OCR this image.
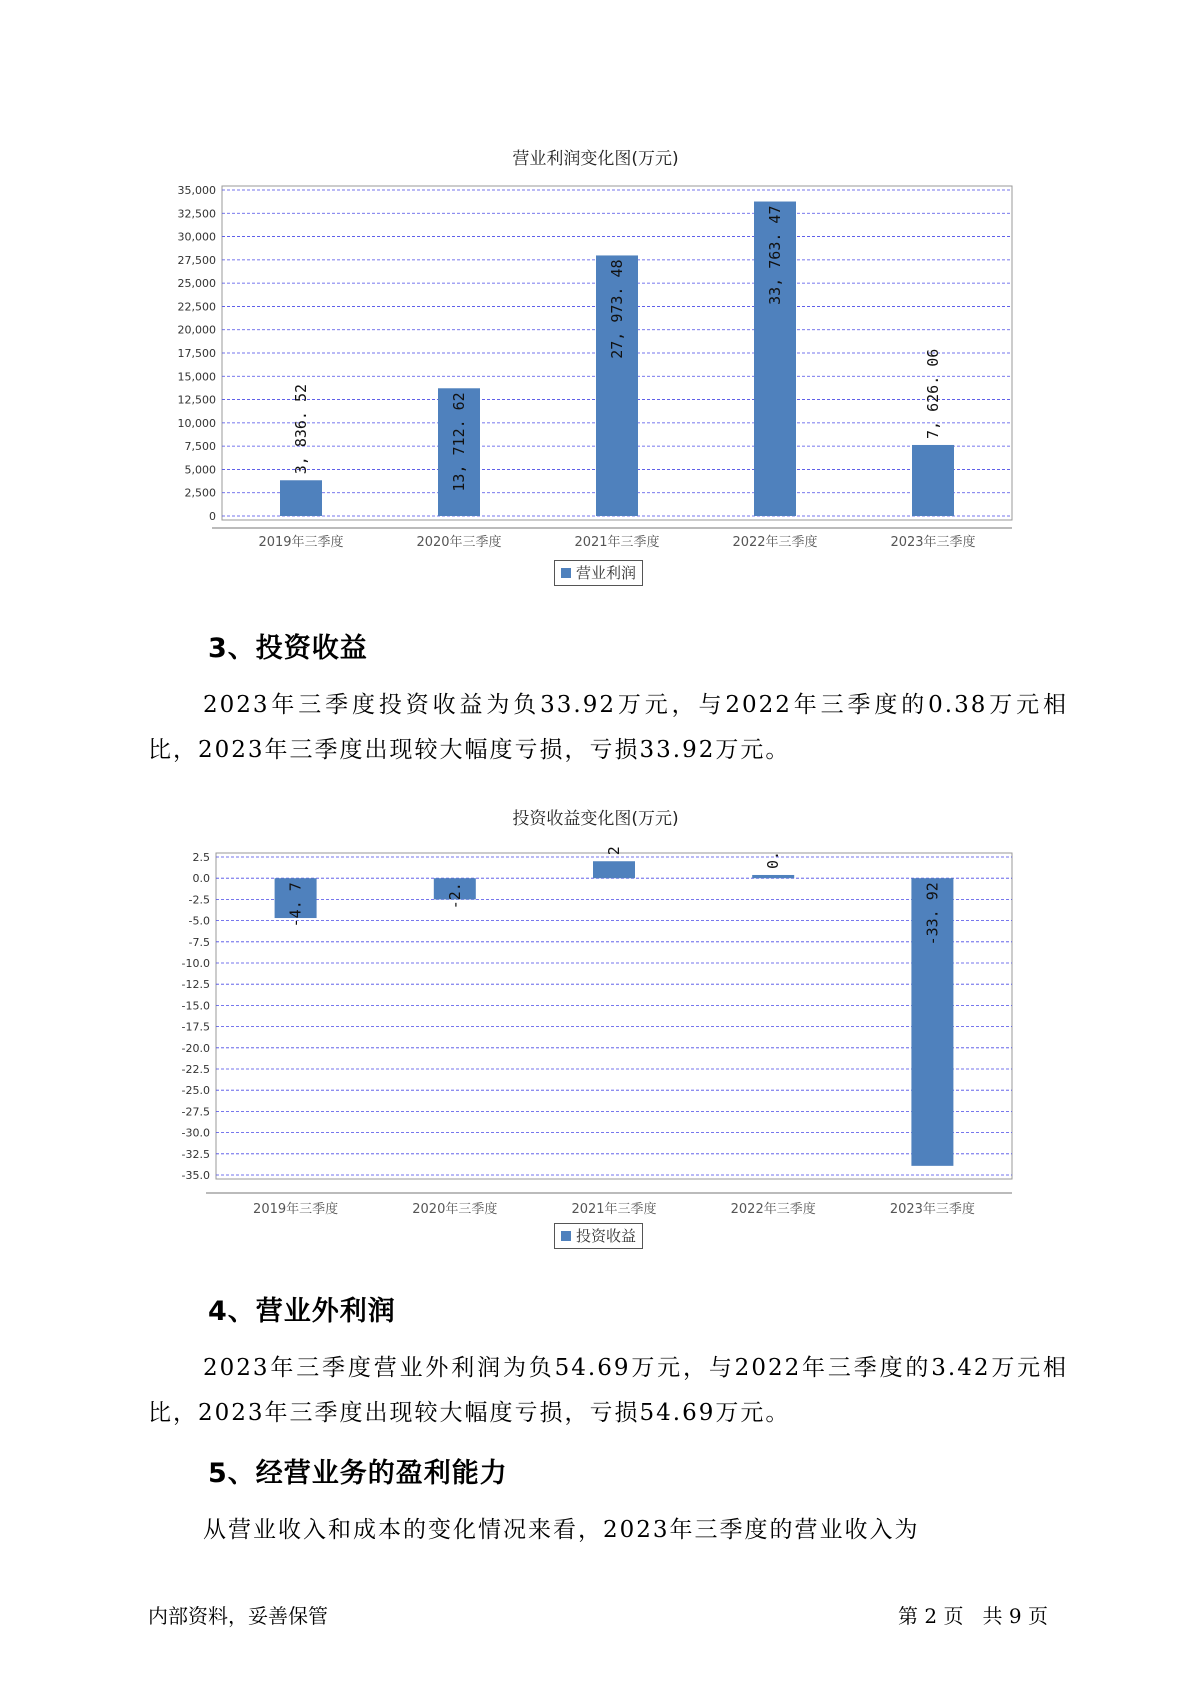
营业利润变化图(万元)
0
2,500
5,000
7,500
10,000
12,500
15,000
17,500
20,000
22,500
25,000
27,500
30,000
32,500
35,000
2019年三季度
3, 836. 52
2020年三季度
13, 712. 62
2021年三季度
27, 973. 48
2022年三季度
33, 763. 47
2023年三季度
7, 626. 06
营业利润
3、投资收益
2023年三季度投资收益为负33.92万元，与2022年三季度的0.38万元相比，2023年三季度出现较大幅度亏损，亏损33.92万元。
投资收益变化图(万元)
2.5
0.0
-2.5
-5.0
-7.5
-10.0
-12.5
-15.0
-17.5
-20.0
-22.5
-25.0
-27.5
-30.0
-32.5
-35.0
2019年三季度
-4. 7
2020年三季度
-2.
2021年三季度
2
2022年三季度
0.
2023年三季度
-33. 92
投资收益
4、营业外利润
2023年三季度营业外利润为负54.69万元，与2022年三季度的3.42万元相比，2023年三季度出现较大幅度亏损，亏损54.69万元。
5、经营业务的盈利能力
从营业收入和成本的变化情况来看，2023年三季度的营业收入为
内部资料，妥善保管	第 2 页   共 9 页
